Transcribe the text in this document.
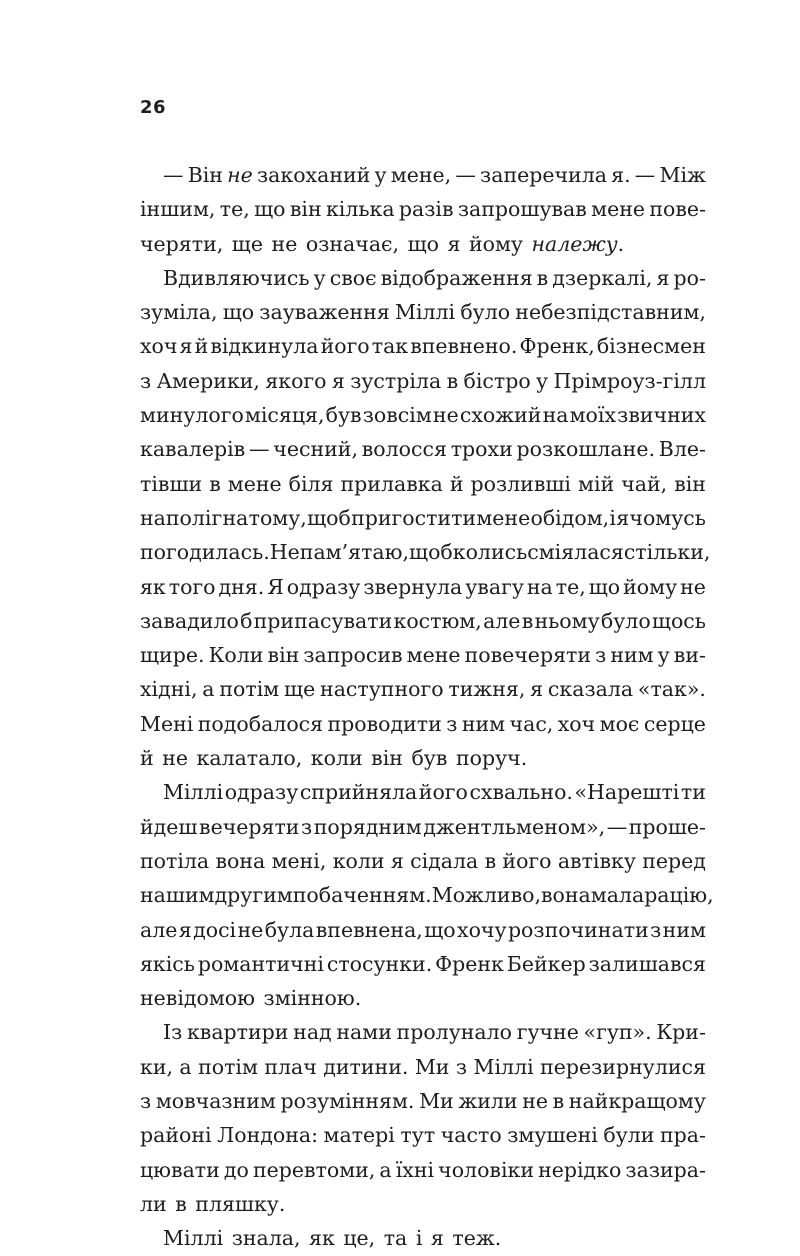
26
— Він не закоханий у мене, — заперечила я. — Між
іншим, те, що він кілька разів запрошував мене пове-
черяти,
ще
не
означає,
що
я
йому
належу .
Вдивляючись у своє відображення в дзеркалі, я ро-
зуміла, що зауваження Міллі було небезпідставним,
хоч я й відкинула його так впевнено. Френк, бізнесмен
з Америки, якого я зустріла в бістро у Прімроуз-гілл
минулого місяця, був зовсім не схожий на моїх звичних
кавалерів — чесний, волосся трохи розкошлане. Вле-
тівши в мене біля прилавка й розлившi мій чай, він
наполіг на тому, щоб пригостити мене обідом, і я чомусь
погодилась. Не пам’ятаю, щоб колись сміялася стільки,
як того дня. Я одразу звернула увагу на те, що йому не
завадило б припасувати костюм, але в ньому було щось
щире. Коли він запросив мене повечеряти з ним у ви-
хідні, а потім ще наступного тижня, я сказала «так».
Мені подобалося проводити з ним час, хоч моє серце
й
не
калатало,
коли
він
був
поруч.
Міллі одразу сприйняла його схвально. «Нарешті ти
йдеш вечеряти з порядним джентльменом», — проше-
потіла вона мені, коли я сідала в його автівку перед
нашим другим побаченням. Можливо, вона мала рацію,
але я досі не була впевнена, що хочу розпочинати з ним
якісь романтичні стосунки. Френк Бейкер залишався
невідомою
змінною.
Із квартири над нами пролунало гучне «гуп». Кри-
ки, а потім плач дитини. Ми з Міллі перезирнулися
з мовчазним розумінням. Ми жили не в найкращому
районі Лондона: матері тут часто змушені були пра-
цювати до перевтоми, а їхні чоловіки нерідко зазира-
ли
в
пляшку.
Міллі
знала,
як
це,
та
і
я
теж.
